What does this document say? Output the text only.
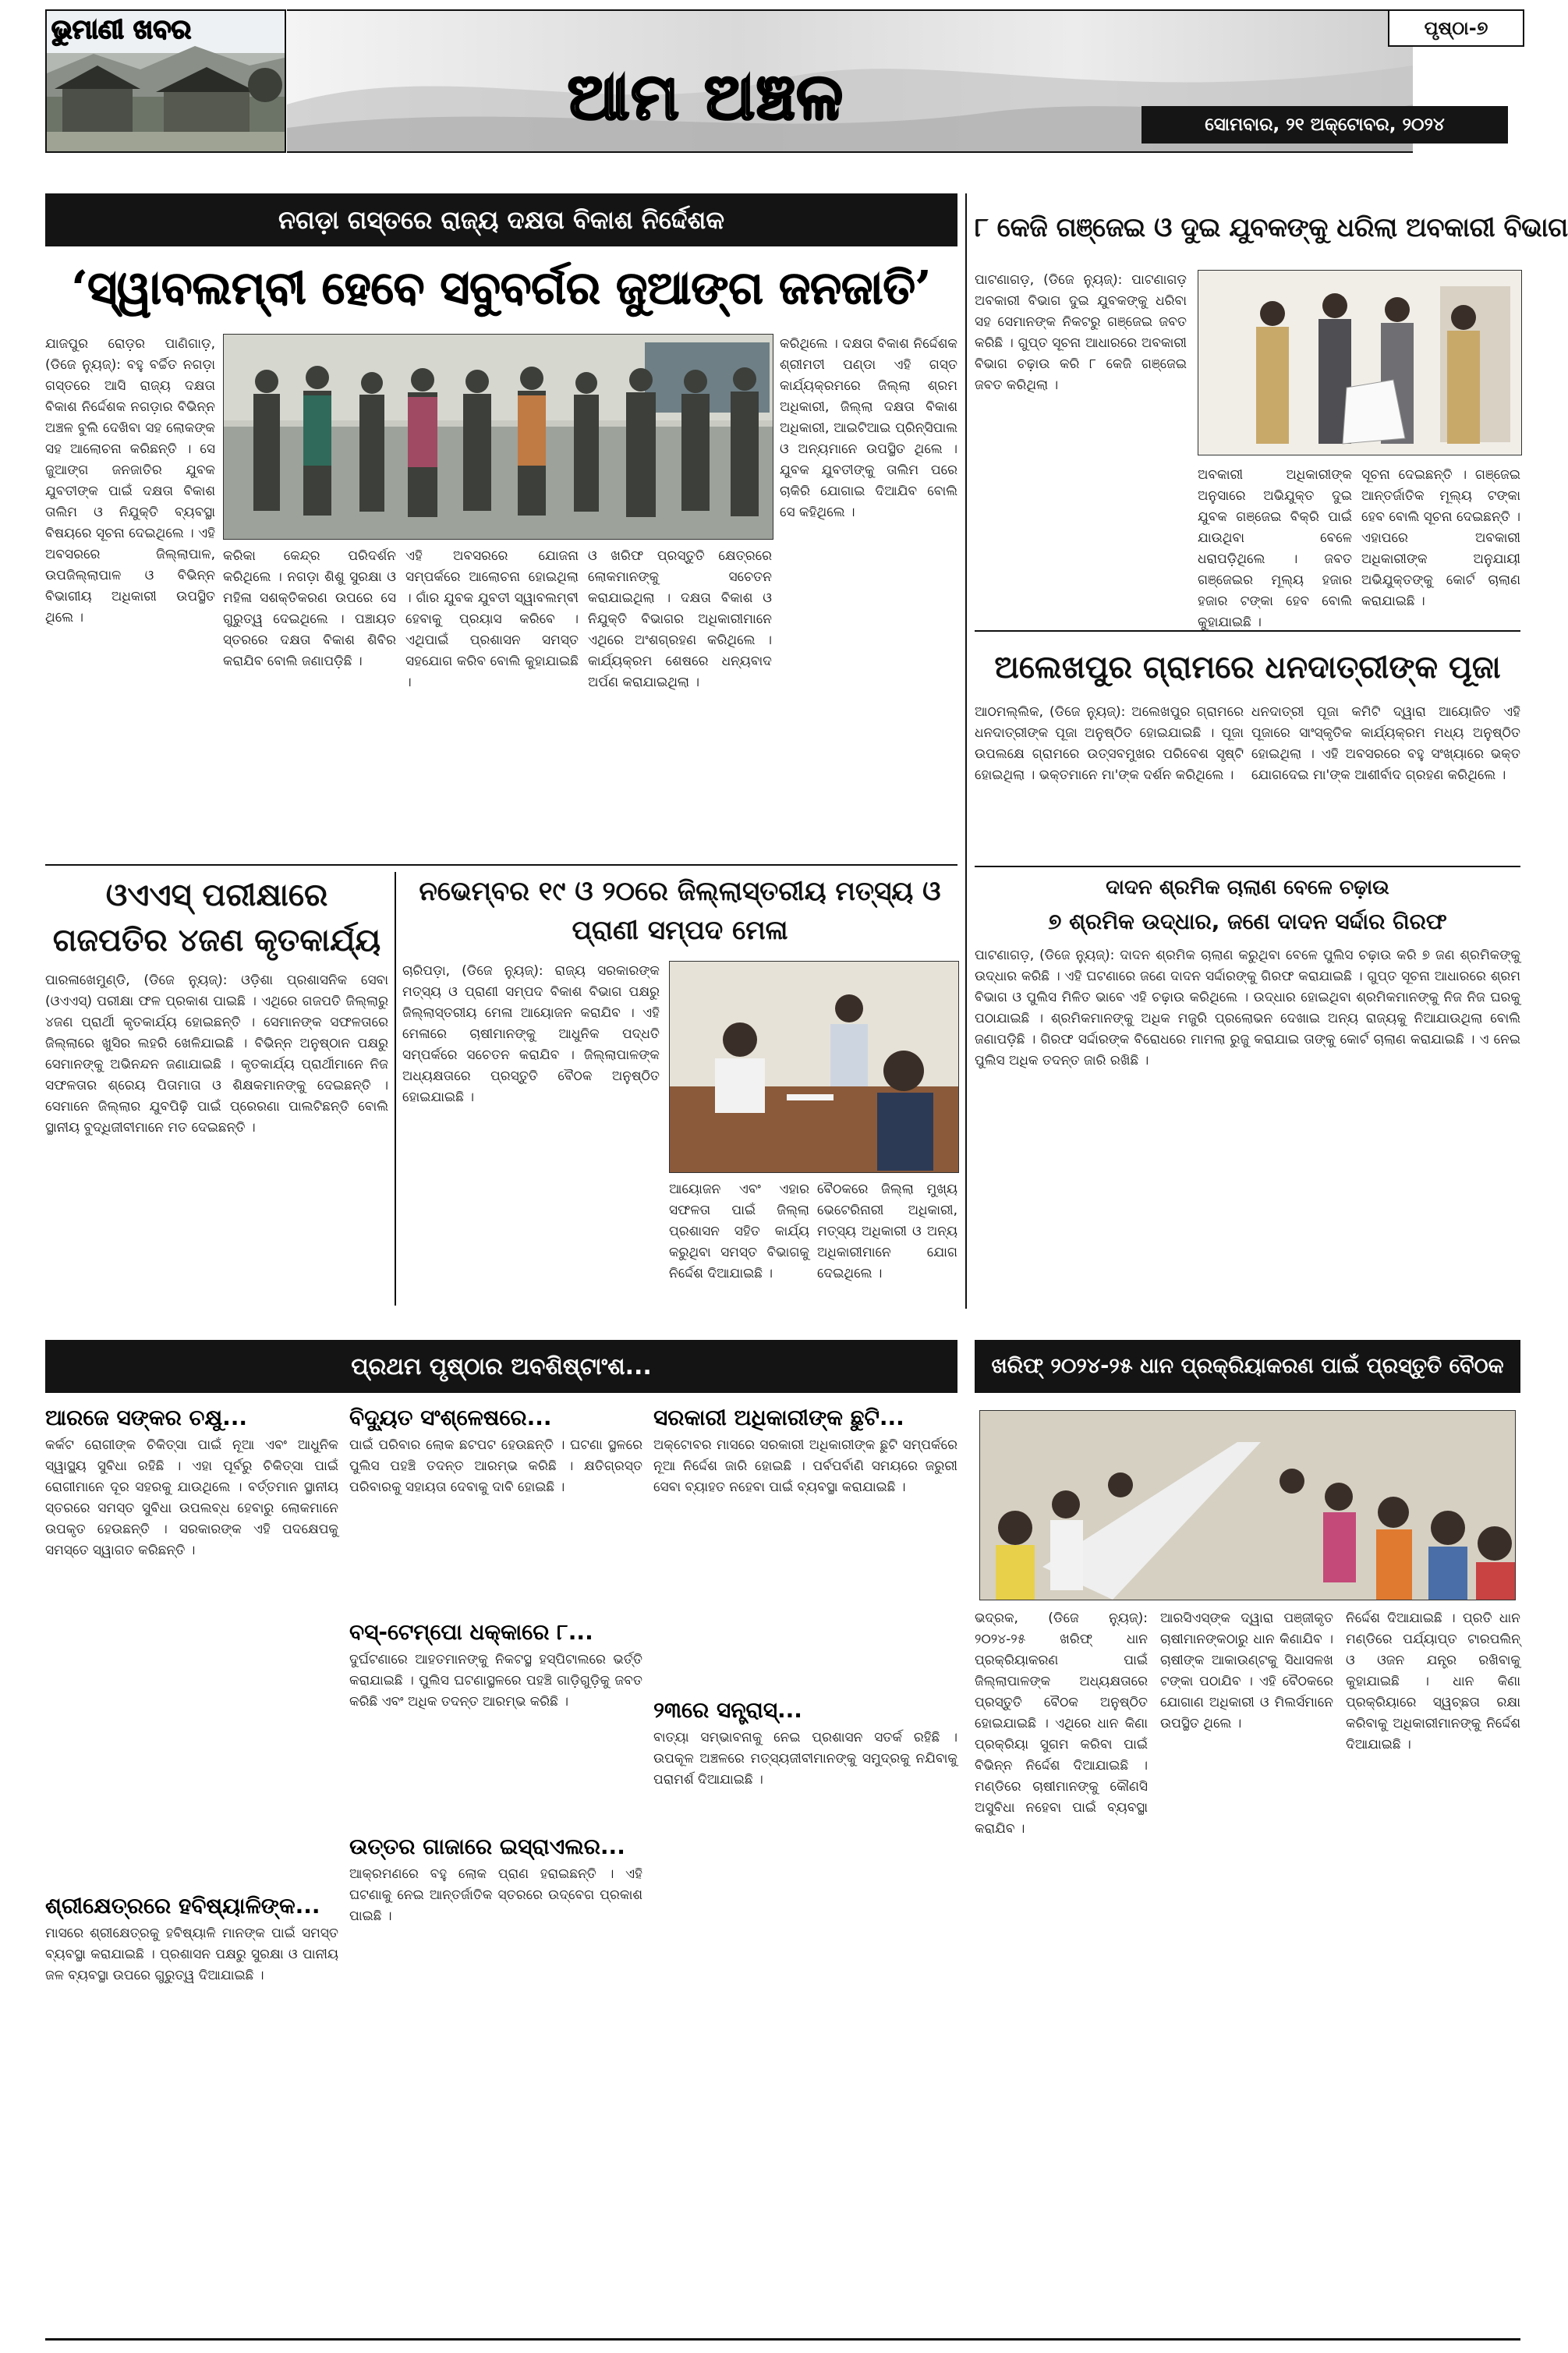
ଭୁମାଣୀ ଖବର
ଆମ ଅଞ୍ଚଳ
ପୃଷ୍ଠା-୭
ସୋମବାର, ୨୧ ଅକ୍ଟୋବର, ୨୦୨୪
ନଗଡ଼ା ଗସ୍ତରେ ରାଜ୍ୟ ଦକ୍ଷତା ବିକାଶ ନିର୍ଦ୍ଦେଶକ
‘ସ୍ୱାବଲମ୍ବୀ ହେବେ ସବୁବର୍ଗର ଜୁଆଙ୍ଗ ଜନଜାତି’

ଯାଜପୁର ରୋଡ଼ର ପାଣିଗାଡ଼, (ଡିଜେ ନ୍ୟୁଜ୍): ବହୁ ବର୍ଚ୍ଚିତ ନଗଡ଼ା ଗସ୍ତରେ ଆସି ରାଜ୍ୟ ଦକ୍ଷତା ବିକାଶ ନିର୍ଦ୍ଦେଶକ ନଗଡ଼ାର ବିଭିନ୍ନ ଅଞ୍ଚଳ ବୁଲି ଦେଖିବା ସହ ଲୋକଙ୍କ ସହ ଆଲୋଚନା କରିଛନ୍ତି । ସେ ଜୁଆଙ୍ଗ ଜନଜାତିର ଯୁବକ ଯୁବତୀଙ୍କ ପାଇଁ ଦକ୍ଷତା ବିକାଶ ତାଲିମ ଓ ନିଯୁକ୍ତି ବ୍ୟବସ୍ଥା ବିଷୟରେ ସୂଚନା ଦେଇଥିଲେ । ଏହି ଅବସରରେ ଜିଲ୍ଲାପାଳ, ଉପଜିଲ୍ଲାପାଳ ଓ ବିଭିନ୍ନ ବିଭାଗୀୟ ଅଧିକାରୀ ଉପସ୍ଥିତ ଥିଲେ ।

କରିଥିଲେ । ଦକ୍ଷତା ବିକାଶ ନିର୍ଦ୍ଦେଶକ ଶ୍ରୀମତୀ ପଣ୍ଡା ଏହି ଗସ୍ତ କାର୍ଯ୍ୟକ୍ରମରେ ଜିଲ୍ଲା ଶ୍ରମ ଅଧିକାରୀ, ଜିଲ୍ଲା ଦକ୍ଷତା ବିକାଶ ଅଧିକାରୀ, ଆଇଟିଆଇ ପ୍ରିନ୍ସିପାଲ ଓ ଅନ୍ୟମାନେ ଉପସ୍ଥିତ ଥିଲେ । ଯୁବକ ଯୁବତୀଙ୍କୁ ତାଲିମ ପରେ ଚାକିରି ଯୋଗାଇ ଦିଆଯିବ ବୋଲି ସେ କହିଥିଲେ ।

କରିକା କେନ୍ଦ୍ର ପରିଦର୍ଶନ କରିଥିଲେ । ନଗଡ଼ା ଶିଶୁ ସୁରକ୍ଷା ଓ ମହିଳା ସଶକ୍ତିକରଣ ଉପରେ ସେ ଗୁରୁତ୍ୱ ଦେଇଥିଲେ । ପଞ୍ଚାୟତ ସ୍ତରରେ ଦକ୍ଷତା ବିକାଶ ଶିବିର କରାଯିବ ବୋଲି ଜଣାପଡ଼ିଛି ।

ଏହି ଅବସରରେ ଯୋଜନା ସମ୍ପର୍କରେ ଆଲୋଚନା ହୋଇଥିଲା । ଗାଁର ଯୁବକ ଯୁବତୀ ସ୍ୱାବଲମ୍ବୀ ହେବାକୁ ପ୍ରୟାସ କରିବେ । ଏଥିପାଇଁ ପ୍ରଶାସନ ସମସ୍ତ ସହଯୋଗ କରିବ ବୋଲି କୁହାଯାଇଛି ।

ଓ ଖରିଫ ପ୍ରସ୍ତୁତି କ୍ଷେତ୍ରରେ ଲୋକମାନଙ୍କୁ ସଚେତନ କରାଯାଇଥିଲା । ଦକ୍ଷତା ବିକାଶ ଓ ନିଯୁକ୍ତି ବିଭାଗର ଅଧିକାରୀମାନେ ଏଥିରେ ଅଂଶଗ୍ରହଣ କରିଥିଲେ । କାର୍ଯ୍ୟକ୍ରମ ଶେଷରେ ଧନ୍ୟବାଦ ଅର୍ପଣ କରାଯାଇଥିଲା ।

୮ କେଜି ଗଞ୍ଜେଇ ଓ ଦୁଇ ଯୁବକଙ୍କୁ ଧରିଲା ଅବକାରୀ ବିଭାଗ

ପାଟଣାଗଡ଼, (ଡିଜେ ନ୍ୟୁଜ୍): ପାଟଣାଗଡ଼ ଅବକାରୀ ବିଭାଗ ଦୁଇ ଯୁବକଙ୍କୁ ଧରିବା ସହ ସେମାନଙ୍କ ନିକଟରୁ ଗଞ୍ଜେଇ ଜବତ କରିଛି । ଗୁପ୍ତ ସୂଚନା ଆଧାରରେ ଅବକାରୀ ବିଭାଗ ଚଢ଼ାଉ କରି ୮ କେଜି ଗଞ୍ଜେଇ ଜବତ କରିଥିଲା ।

ଅବକାରୀ ଅଧିକାରୀଙ୍କ ଅନୁସାରେ ଅଭିଯୁକ୍ତ ଦୁଇ ଯୁବକ ଗଞ୍ଜେଇ ବିକ୍ରି ପାଇଁ ଯାଉଥିବା ବେଳେ ଧରାପଡ଼ିଥିଲେ । ଜବତ ଗଞ୍ଜେଇର ମୂଲ୍ୟ ହଜାର ହଜାର ଟଙ୍କା ହେବ ବୋଲି କୁହାଯାଇଛି ।

ସୂଚନା ଦେଇଛନ୍ତି । ଗଞ୍ଜେଇ ଆନ୍ତର୍ଜାତିକ ମୂଲ୍ୟ ଟଙ୍କା ହେବ ବୋଲି ସୂଚନା ଦେଇଛନ୍ତି । ଏହାପରେ ଅବକାରୀ ଅଧିକାରୀଙ୍କ ଅନୁଯାୟୀ ଅଭିଯୁକ୍ତଙ୍କୁ କୋର୍ଟ ଚାଲାଣ କରାଯାଇଛି ।

ଅଲେଖପୁର ଗ୍ରାମରେ ଧନଦାତ୍ରୀଙ୍କ ପୂଜା

ଆଠମଲ୍ଲିକ, (ଡିଜେ ନ୍ୟୁଜ୍): ଅଲେଖପୁର ଗ୍ରାମରେ ଧନଦାତ୍ରୀଙ୍କ ପୂଜା ଅନୁଷ୍ଠିତ ହୋଇଯାଇଛି । ପୂଜା ଉପଲକ୍ଷେ ଗ୍ରାମରେ ଉତ୍ସବମୁଖର ପରିବେଶ ସୃଷ୍ଟି ହୋଇଥିଲା । ଭକ୍ତମାନେ ମା'ଙ୍କ ଦର୍ଶନ କରିଥିଲେ ।

ଧନଦାତ୍ରୀ ପୂଜା କମିଟି ଦ୍ୱାରା ଆୟୋଜିତ ଏହି ପୂଜାରେ ସାଂସ୍କୃତିକ କାର୍ଯ୍ୟକ୍ରମ ମଧ୍ୟ ଅନୁଷ୍ଠିତ ହୋଇଥିଲା । ଏହି ଅବସରରେ ବହୁ ସଂଖ୍ୟାରେ ଭକ୍ତ ଯୋଗଦେଇ ମା'ଙ୍କ ଆଶୀର୍ବାଦ ଗ୍ରହଣ କରିଥିଲେ ।

ଓଏଏସ୍ ପରୀକ୍ଷାରେ
ଗଜପତିର ୪ଜଣ କୃତକାର୍ଯ୍ୟ

ପାରଳାଖେମୁଣ୍ଡି, (ଡିଜେ ନ୍ୟୁଜ୍): ଓଡ଼ିଶା ପ୍ରଶାସନିକ ସେବା (ଓଏଏସ୍) ପରୀକ୍ଷା ଫଳ ପ୍ରକାଶ ପାଇଛି । ଏଥିରେ ଗଜପତି ଜିଲ୍ଲାରୁ ୪ଜଣ ପ୍ରାର୍ଥୀ କୃତକାର୍ଯ୍ୟ ହୋଇଛନ୍ତି । ସେମାନଙ୍କ ସଫଳତାରେ ଜିଲ୍ଲାରେ ଖୁସିର ଲହରି ଖେଳିଯାଇଛି । ବିଭିନ୍ନ ଅନୁଷ୍ଠାନ ପକ୍ଷରୁ ସେମାନଙ୍କୁ ଅଭିନନ୍ଦନ ଜଣାଯାଇଛି । କୃତକାର୍ଯ୍ୟ ପ୍ରାର୍ଥୀମାନେ ନିଜ ସଫଳତାର ଶ୍ରେୟ ପିତାମାତା ଓ ଶିକ୍ଷକମାନଙ୍କୁ ଦେଇଛନ୍ତି । ସେମାନେ ଜିଲ୍ଲାର ଯୁବପିଢ଼ି ପାଇଁ ପ୍ରେରଣା ପାଲଟିଛନ୍ତି ବୋଲି ସ୍ଥାନୀୟ ବୁଦ୍ଧିଜୀବୀମାନେ ମତ ଦେଇଛନ୍ତି ।

ନଭେମ୍ବର ୧୯ ଓ ୨୦ରେ ଜିଲ୍ଲାସ୍ତରୀୟ ମତ୍ସ୍ୟ ଓ ପ୍ରାଣୀ ସମ୍ପଦ ମେଳା

ଚାରିପଡ଼ା, (ଡିଜେ ନ୍ୟୁଜ୍): ରାଜ୍ୟ ସରକାରଙ୍କ ମତ୍ସ୍ୟ ଓ ପ୍ରାଣୀ ସମ୍ପଦ ବିକାଶ ବିଭାଗ ପକ୍ଷରୁ ଜିଲ୍ଲାସ୍ତରୀୟ ମେଳା ଆୟୋଜନ କରାଯିବ । ଏହି ମେଳାରେ ଚାଷୀମାନଙ୍କୁ ଆଧୁନିକ ପଦ୍ଧତି ସମ୍ପର୍କରେ ସଚେତନ କରାଯିବ । ଜିଲ୍ଲାପାଳଙ୍କ ଅଧ୍ୟକ୍ଷତାରେ ପ୍ରସ୍ତୁତି ବୈଠକ ଅନୁଷ୍ଠିତ ହୋଇଯାଇଛି ।

ଆୟୋଜନ ଏବଂ ଏହାର ସଫଳତା ପାଇଁ ଜିଲ୍ଲା ପ୍ରଶାସନ ସହିତ କାର୍ଯ୍ୟ କରୁଥିବା ସମସ୍ତ ବିଭାଗକୁ ନିର୍ଦ୍ଦେଶ ଦିଆଯାଇଛି ।

ବୈଠକରେ ଜିଲ୍ଲା ମୁଖ୍ୟ ଭେଟେରିନାରୀ ଅଧିକାରୀ, ମତ୍ସ୍ୟ ଅଧିକାରୀ ଓ ଅନ୍ୟ ଅଧିକାରୀମାନେ ଯୋଗ ଦେଇଥିଲେ ।

ଦାଦନ ଶ୍ରମିକ ଚାଲାଣ ବେଳେ ଚଢ଼ାଉ
୭ ଶ୍ରମିକ ଉଦ୍ଧାର, ଜଣେ ଦାଦନ ସର୍ଦ୍ଦାର ଗିରଫ

ପାଟଣାଗଡ଼, (ଡିଜେ ନ୍ୟୁଜ୍): ଦାଦନ ଶ୍ରମିକ ଚାଲାଣ କରୁଥିବା ବେଳେ ପୁଲିସ ଚଢ଼ାଉ କରି ୭ ଜଣ ଶ୍ରମିକଙ୍କୁ ଉଦ୍ଧାର କରିଛି । ଏହି ଘଟଣାରେ ଜଣେ ଦାଦନ ସର୍ଦ୍ଦାରଙ୍କୁ ଗିରଫ କରାଯାଇଛି । ଗୁପ୍ତ ସୂଚନା ଆଧାରରେ ଶ୍ରମ ବିଭାଗ ଓ ପୁଲିସ ମିଳିତ ଭାବେ ଏହି ଚଢ଼ାଉ କରିଥିଲେ । ଉଦ୍ଧାର ହୋଇଥିବା ଶ୍ରମିକମାନଙ୍କୁ ନିଜ ନିଜ ଘରକୁ ପଠାଯାଇଛି । ଶ୍ରମିକମାନଙ୍କୁ ଅଧିକ ମଜୁରି ପ୍ରଲୋଭନ ଦେଖାଇ ଅନ୍ୟ ରାଜ୍ୟକୁ ନିଆଯାଉଥିଲା ବୋଲି ଜଣାପଡ଼ିଛି । ଗିରଫ ସର୍ଦ୍ଦାରଙ୍କ ବିରୋଧରେ ମାମଲା ରୁଜୁ କରାଯାଇ ତାଙ୍କୁ କୋର୍ଟ ଚାଲାଣ କରାଯାଇଛି । ଏ ନେଇ ପୁଲିସ ଅଧିକ ତଦନ୍ତ ଜାରି ରଖିଛି ।

ପ୍ରଥମ ପୃଷ୍ଠାର ଅବଶିଷ୍ଟାଂଶ...
ଆରଜେ ସଙ୍କର ଚକ୍ଷୁ...
କର୍କଟ ରୋଗୀଙ୍କ ଚିକିତ୍ସା ପାଇଁ ନୂଆ ଏବଂ ଆଧୁନିକ ସ୍ୱାସ୍ଥ୍ୟ ସୁବିଧା ରହିଛି । ଏହା ପୂର୍ବରୁ ଚିକିତ୍ସା ପାଇଁ ରୋଗୀମାନେ ଦୂର ସହରକୁ ଯାଉଥିଲେ । ବର୍ତ୍ତମାନ ସ୍ଥାନୀୟ ସ୍ତରରେ ସମସ୍ତ ସୁବିଧା ଉପଲବ୍ଧ ହେବାରୁ ଲୋକମାନେ ଉପକୃତ ହେଉଛନ୍ତି । ସରକାରଙ୍କ ଏହି ପଦକ୍ଷେପକୁ ସମସ୍ତେ ସ୍ୱାଗତ କରିଛନ୍ତି ।
ଶ୍ରୀକ୍ଷେତ୍ରରେ ହବିଷ୍ୟାଳିଙ୍କ...
ମାସରେ ଶ୍ରୀକ୍ଷେତ୍ରକୁ ହବିଷ୍ୟାଳି ମାନଙ୍କ ପାଇଁ ସମସ୍ତ ବ୍ୟବସ୍ଥା କରାଯାଇଛି । ପ୍ରଶାସନ ପକ୍ଷରୁ ସୁରକ୍ଷା ଓ ପାନୀୟ ଜଳ ବ୍ୟବସ୍ଥା ଉପରେ ଗୁରୁତ୍ୱ ଦିଆଯାଇଛି ।
ବିଦ୍ୟୁତ ସଂଶ୍ଳେଷରେ...
ପାଇଁ ପରିବାର ଲୋକ ଛଟପଟ ହେଉଛନ୍ତି । ଘଟଣା ସ୍ଥଳରେ ପୁଲିସ ପହଞ୍ଚି ତଦନ୍ତ ଆରମ୍ଭ କରିଛି । କ୍ଷତିଗ୍ରସ୍ତ ପରିବାରକୁ ସହାୟତା ଦେବାକୁ ଦାବି ହୋଇଛି ।
ବସ୍-ଟେମ୍ପୋ ଧକ୍କାରେ ୮...
ଦୁର୍ଘଟଣାରେ ଆହତମାନଙ୍କୁ ନିକଟସ୍ଥ ହସ୍ପିଟାଲରେ ଭର୍ତ୍ତି କରାଯାଇଛି । ପୁଲିସ ଘଟଣାସ୍ଥଳରେ ପହଞ୍ଚି ଗାଡ଼ିଗୁଡ଼ିକୁ ଜବତ କରିଛି ଏବଂ ଅଧିକ ତଦନ୍ତ ଆରମ୍ଭ କରିଛି ।
ଉତ୍ତର ଗାଜାରେ ଇସ୍ରାଏଲର...
ଆକ୍ରମଣରେ ବହୁ ଲୋକ ପ୍ରାଣ ହରାଇଛନ୍ତି । ଏହି ଘଟଣାକୁ ନେଇ ଆନ୍ତର୍ଜାତିକ ସ୍ତରରେ ଉଦ୍ବେଗ ପ୍ରକାଶ ପାଇଛି ।
ସରକାରୀ ଅଧିକାରୀଙ୍କ ଛୁଟି...
ଅକ୍ଟୋବର ମାସରେ ସରକାରୀ ଅଧିକାରୀଙ୍କ ଛୁଟି ସମ୍ପର୍କରେ ନୂଆ ନିର୍ଦ୍ଦେଶ ଜାରି ହୋଇଛି । ପର୍ବପର୍ବାଣି ସମୟରେ ଜରୁରୀ ସେବା ବ୍ୟାହତ ନହେବା ପାଇଁ ବ୍ୟବସ୍ଥା କରାଯାଇଛି ।
୨୩ରେ ସନ୍ତ୍ରାସ୍...
ବାତ୍ୟା ସମ୍ଭାବନାକୁ ନେଇ ପ୍ରଶାସନ ସତର୍କ ରହିଛି । ଉପକୂଳ ଅଞ୍ଚଳରେ ମତ୍ସ୍ୟଜୀବୀମାନଙ୍କୁ ସମୁଦ୍ରକୁ ନଯିବାକୁ ପରାମର୍ଶ ଦିଆଯାଇଛି ।
ଖରିଫ୍ ୨୦୨୪-୨୫ ଧାନ ପ୍ରକ୍ରିୟାକରଣ ପାଇଁ ପ୍ରସ୍ତୁତି ବୈଠକ

ଭଦ୍ରକ, (ଡିଜେ ନ୍ୟୁଜ୍): ୨୦୨୪-୨୫ ଖରିଫ୍ ଧାନ ପ୍ରକ୍ରିୟାକରଣ ପାଇଁ ଜିଲ୍ଲାପାଳଙ୍କ ଅଧ୍ୟକ୍ଷତାରେ ପ୍ରସ୍ତୁତି ବୈଠକ ଅନୁଷ୍ଠିତ ହୋଇଯାଇଛି । ଏଥିରେ ଧାନ କିଣା ପ୍ରକ୍ରିୟା ସୁଗମ କରିବା ପାଇଁ ବିଭିନ୍ନ ନିର୍ଦ୍ଦେଶ ଦିଆଯାଇଛି । ମଣ୍ଡିରେ ଚାଷୀମାନଙ୍କୁ କୌଣସି ଅସୁବିଧା ନହେବା ପାଇଁ ବ୍ୟବସ୍ଥା କରାଯିବ ।

ଆରସିଏସ୍ଙ୍କ ଦ୍ୱାରା ପଞ୍ଜୀକୃତ ଚାଷୀମାନଙ୍କଠାରୁ ଧାନ କିଣାଯିବ । ଚାଷୀଙ୍କ ଆକାଉଣ୍ଟକୁ ସିଧାସଳଖ ଟଙ୍କା ପଠାଯିବ । ଏହି ବୈଠକରେ ଯୋଗାଣ ଅଧିକାରୀ ଓ ମିଲର୍ସମାନେ ଉପସ୍ଥିତ ଥିଲେ ।

ନିର୍ଦ୍ଦେଶ ଦିଆଯାଇଛି । ପ୍ରତି ଧାନ ମଣ୍ଡିରେ ପର୍ଯ୍ୟାପ୍ତ ଟାରପଲିନ୍ ଓ ଓଜନ ଯନ୍ତ୍ର ରଖିବାକୁ କୁହାଯାଇଛି । ଧାନ କିଣା ପ୍ରକ୍ରିୟାରେ ସ୍ୱଚ୍ଛତା ରକ୍ଷା କରିବାକୁ ଅଧିକାରୀମାନଙ୍କୁ ନିର୍ଦ୍ଦେଶ ଦିଆଯାଇଛି ।
